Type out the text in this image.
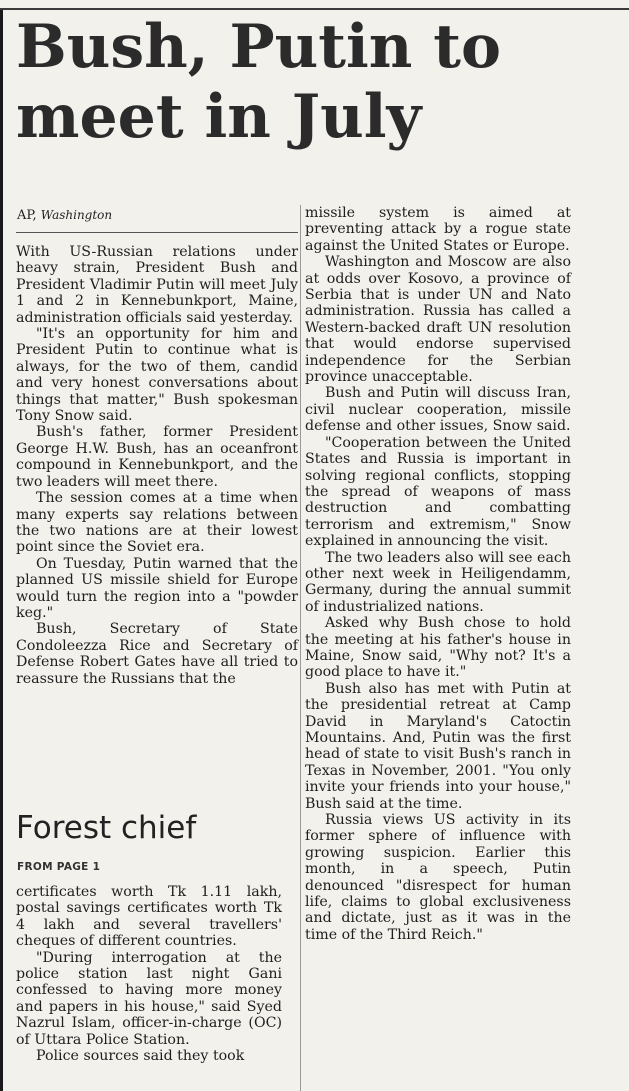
Bush, Putin to meet in July
AP, Washington

With US-Russian relations under heavy strain, President Bush and President Vladimir Putin will meet July 1 and 2 in Kennebunkport, Maine, administration officials said yesterday.

"It's an opportunity for him and President Putin to continue what is always, for the two of them, candid and very honest conversations about things that matter," Bush spokesman Tony Snow said.

Bush's father, former President George H.W. Bush, has an oceanfront compound in Kennebunkport, and the two leaders will meet there.

The session comes at a time when many experts say relations between the two nations are at their lowest point since the Soviet era.

On Tuesday, Putin warned that the planned US missile shield for Europe would turn the region into a "powder keg."

Bush, Secretary of State Condoleezza Rice and Secretary of Defense Robert Gates have all tried to reassure the Russians that the

missile system is aimed at preventing attack by a rogue state against the United States or Europe.

Washington and Moscow are also at odds over Kosovo, a province of Serbia that is under UN and Nato administration. Russia has called a Western-backed draft UN resolution that would endorse supervised independence for the Serbian province unacceptable.

Bush and Putin will discuss Iran, civil nuclear cooperation, missile defense and other issues, Snow said.

"Cooperation between the United States and Russia is important in solving regional conflicts, stopping the spread of weapons of mass destruction and combatting terrorism and extremism," Snow explained in announcing the visit.

The two leaders also will see each other next week in Heiligendamm, Germany, during the annual summit of industrialized nations.

Asked why Bush chose to hold the meeting at his father's house in Maine, Snow said, "Why not? It's a good place to have it."

Bush also has met with Putin at the presidential retreat at Camp David in Maryland's Catoctin Mountains. And, Putin was the first head of state to visit Bush's ranch in Texas in November, 2001. "You only invite your friends into your house," Bush said at the time.

Russia views US activity in its former sphere of influence with growing suspicion. Earlier this month, in a speech, Putin denounced "disrespect for human life, claims to global exclusiveness and dictate, just as it was in the time of the Third Reich."

Forest chief
FROM PAGE 1

certificates worth Tk 1.11 lakh, postal savings certificates worth Tk 4 lakh and several travellers' cheques of different countries.

"During interrogation at the police station last night Gani confessed to having more money and papers in his house," said Syed Nazrul Islam, officer-in-charge (OC) of Uttara Police Station.

Police sources said they took
